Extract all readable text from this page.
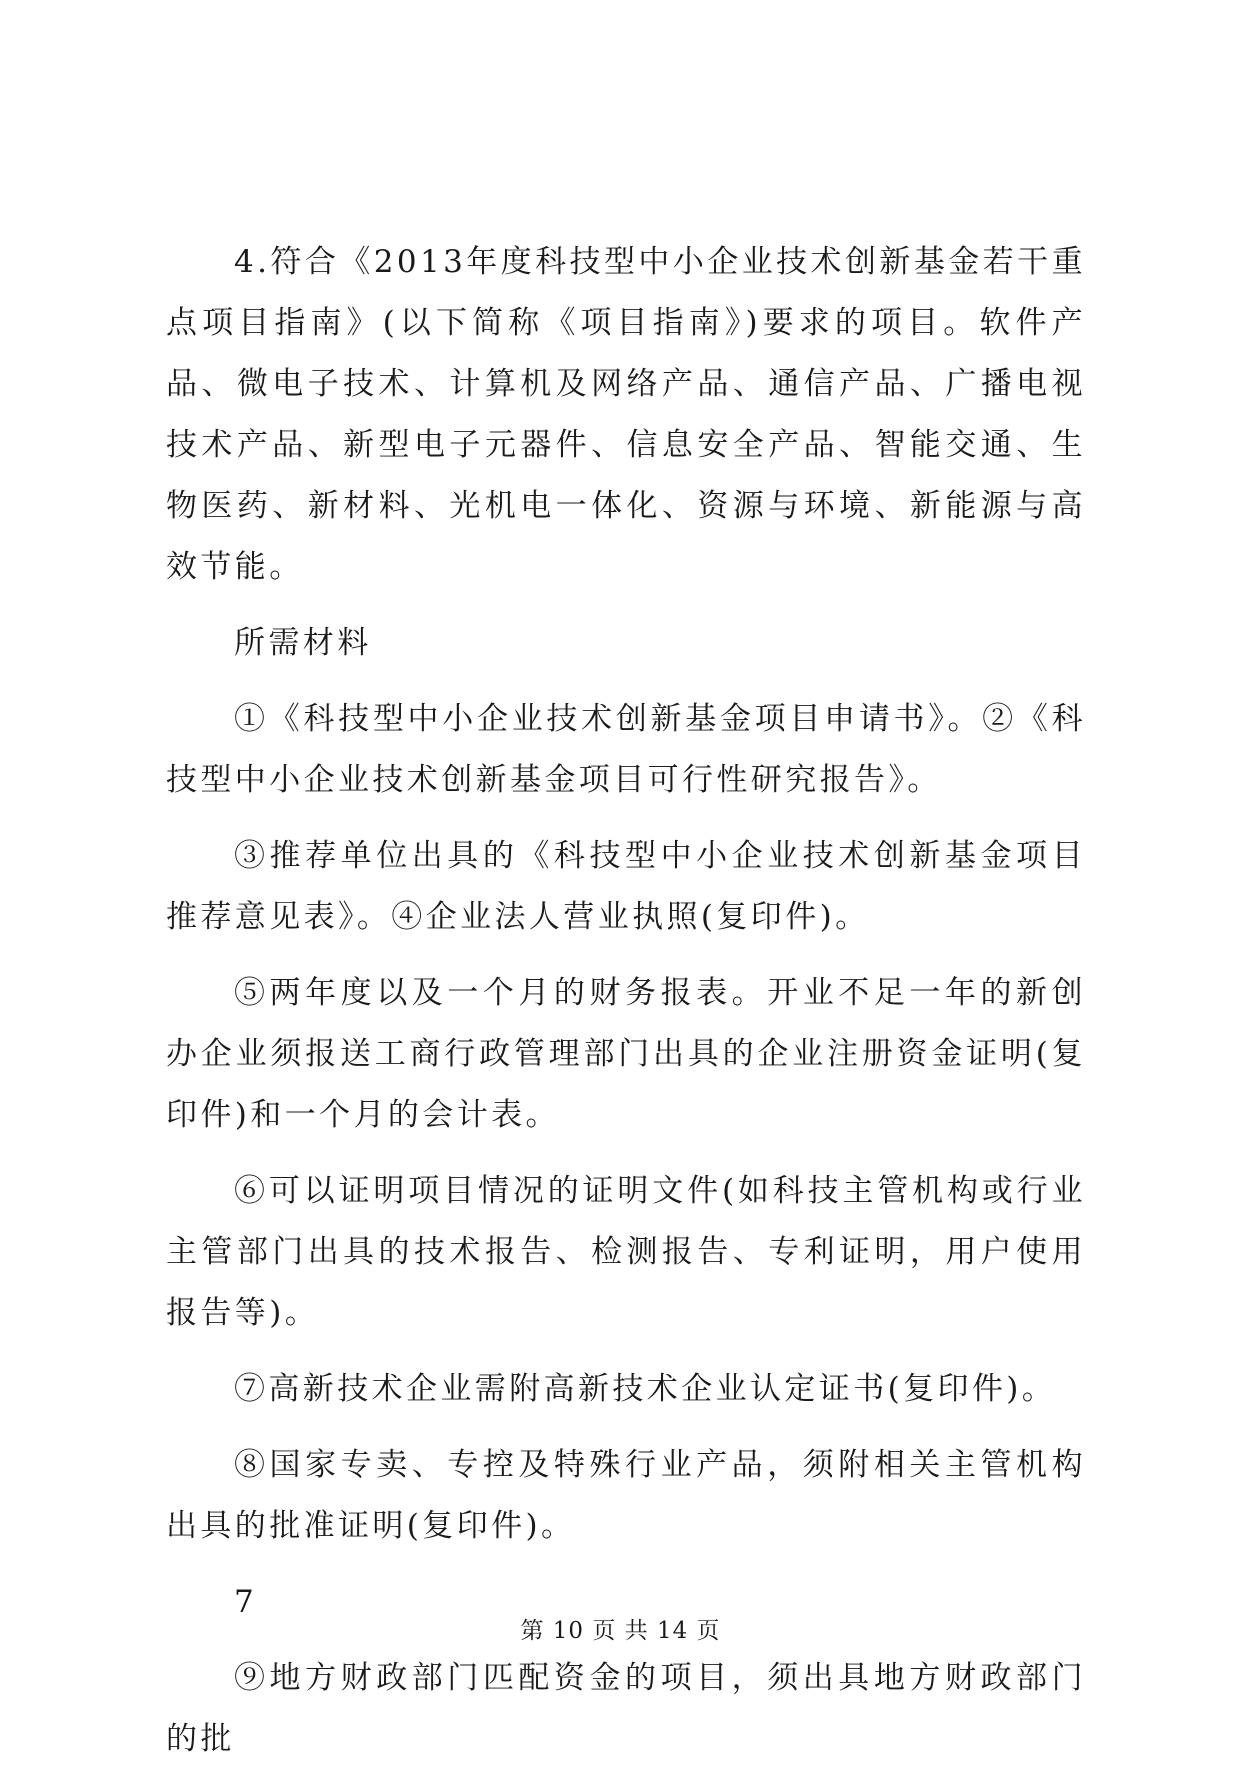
4.符合《2013年度科技型中小企业技术创新基金若干重点项目指南》(以下简称《项目指南》)要求的项目。软件产品、微电子技术、计算机及网络产品、通信产品、广播电视技术产品、新型电子元器件、信息安全产品、智能交通、生物医药、新材料、光机电一体化、资源与环境、新能源与高效节能。

所需材料

①《科技型中小企业技术创新基金项目申请书》。②《科技型中小企业技术创新基金项目可行性研究报告》。

③推荐单位出具的《科技型中小企业技术创新基金项目推荐意见表》。④企业法人营业执照(复印件)。

⑤两年度以及一个月的财务报表。开业不足一年的新创办企业须报送工商行政管理部门出具的企业注册资金证明(复印件)和一个月的会计表。

⑥可以证明项目情况的证明文件(如科技主管机构或行业主管部门出具的技术报告、检测报告、专利证明，用户使用报告等)。

⑦高新技术企业需附高新技术企业认定证书(复印件)。

⑧国家专卖、专控及特殊行业产品，须附相关主管机构出具的批准证明(复印件)。

7

⑨地方财政部门匹配资金的项目，须出具地方财政部门的批

第 10 页 共 14 页
